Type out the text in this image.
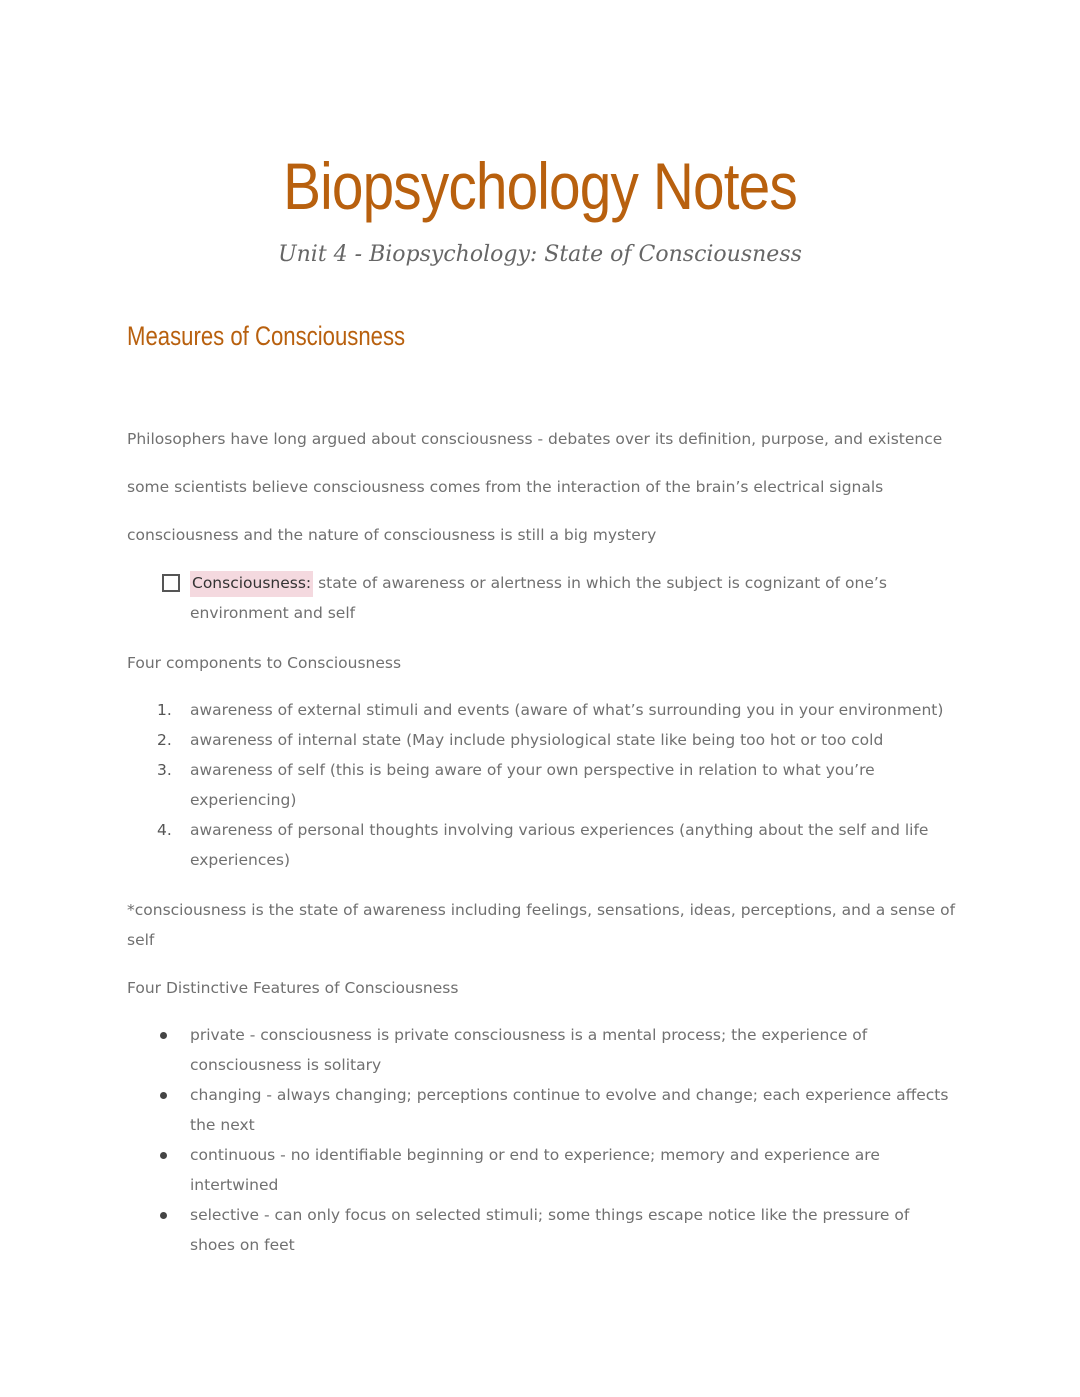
Biopsychology Notes
Unit 4 - Biopsychology: State of Consciousness
Measures of Consciousness
Philosophers have long argued about consciousness - debates over its definition, purpose, and existence
some scientists believe consciousness comes from the interaction of the brain’s electrical signals
consciousness and the nature of consciousness is still a big mystery
Consciousness: state of awareness or alertness in which the subject is cognizant of one’s environment and self
Four components to Consciousness
1. awareness of external stimuli and events (aware of what’s surrounding you in your environment)
2. awareness of internal state (May include physiological state like being too hot or too cold
3. awareness of self (this is being aware of your own perspective in relation to what you’re experiencing)
4. awareness of personal thoughts involving various experiences (anything about the self and life experiences)
*consciousness is the state of awareness including feelings, sensations, ideas, perceptions, and a sense of self
Four Distinctive Features of Consciousness
private - consciousness is private consciousness is a mental process; the experience of consciousness is solitary
changing - always changing; perceptions continue to evolve and change; each experience affects the next
continuous - no identifiable beginning or end to experience; memory and experience are intertwined
selective - can only focus on selected stimuli; some things escape notice like the pressure of shoes on feet
